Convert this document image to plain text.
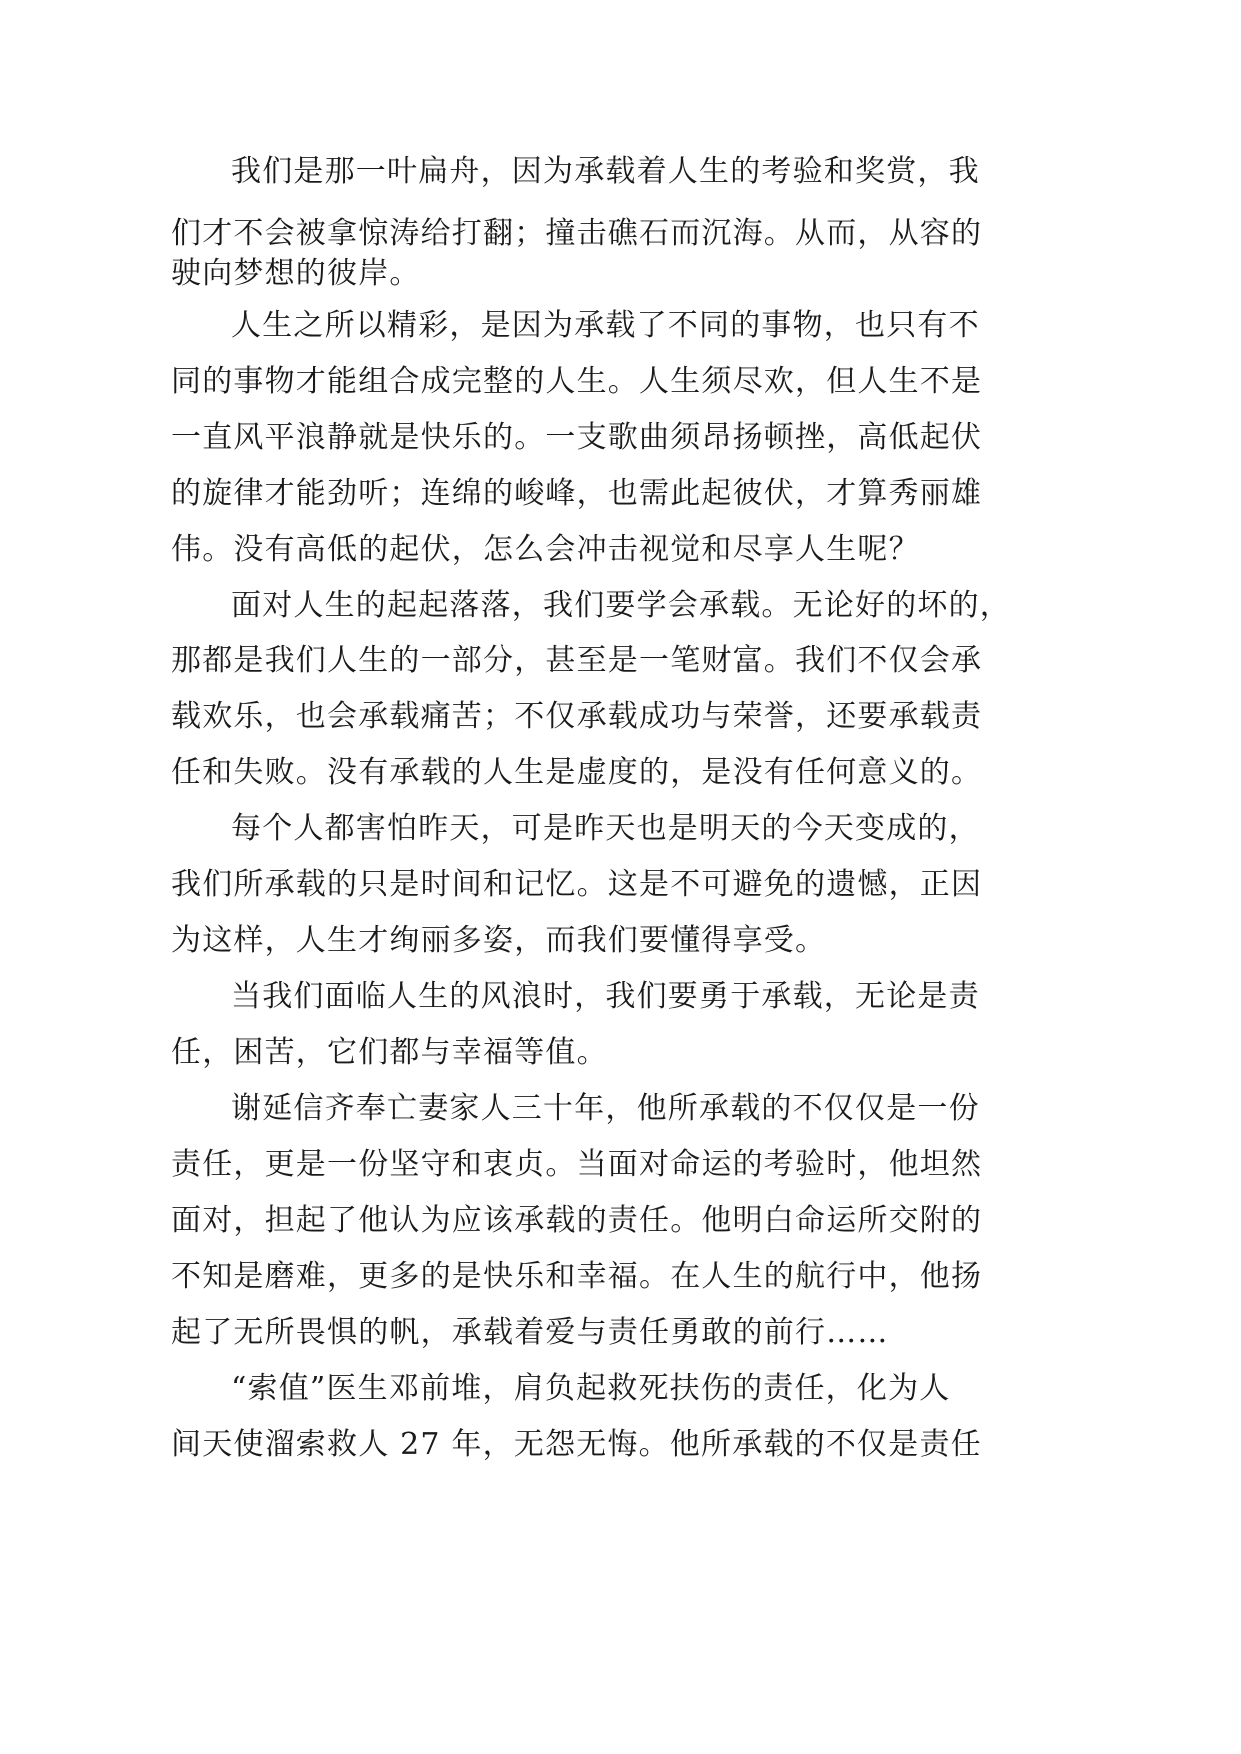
我们是那一叶扁舟，因为承载着人生的考验和奖赏，我
们才不会被拿惊涛给打翻；撞击礁石而沉海。从而，从容的
驶向梦想的彼岸。
人生之所以精彩，是因为承载了不同的事物，也只有不
同的事物才能组合成完整的人生。人生须尽欢，但人生不是
一直风平浪静就是快乐的。一支歌曲须昂扬顿挫，高低起伏
的旋律才能劲听；连绵的峻峰，也需此起彼伏，才算秀丽雄
伟。没有高低的起伏，怎么会冲击视觉和尽享人生呢？
面对人生的起起落落，我们要学会承载。无论好的坏的，
那都是我们人生的一部分，甚至是一笔财富。我们不仅会承
载欢乐，也会承载痛苦；不仅承载成功与荣誉，还要承载责
任和失败。没有承载的人生是虚度的，是没有任何意义的。
每个人都害怕昨天，可是昨天也是明天的今天变成的，
我们所承载的只是时间和记忆。这是不可避免的遗憾，正因
为这样，人生才绚丽多姿，而我们要懂得享受。
当我们面临人生的风浪时，我们要勇于承载，无论是责
任，困苦，它们都与幸福等值。
谢延信齐奉亡妻家人三十年，他所承载的不仅仅是一份
责任，更是一份坚守和衷贞。当面对命运的考验时，他坦然
面对，担起了他认为应该承载的责任。他明白命运所交附的
不知是磨难，更多的是快乐和幸福。在人生的航行中，他扬
起了无所畏惧的帆，承载着爱与责任勇敢的前行……
“索值”医生邓前堆，肩负起救死扶伤的责任，化为人
间天使溜索救人 27 年，无怨无悔。他所承载的不仅是责任
